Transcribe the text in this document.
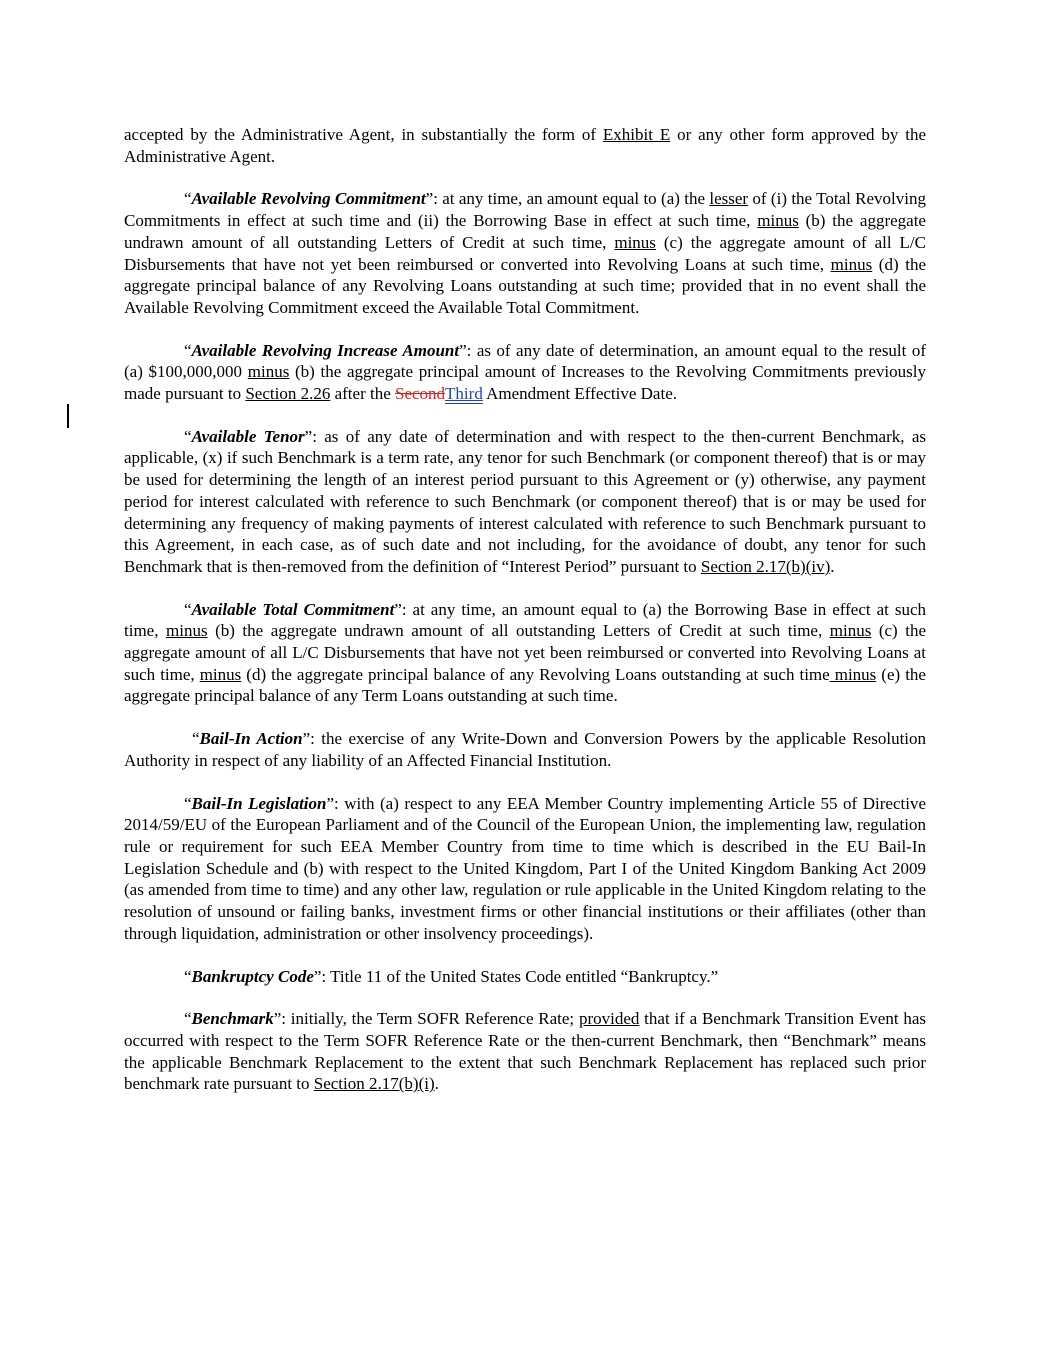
accepted by the Administrative Agent, in substantially the form of Exhibit E or any other form approved by the Administrative Agent.

“Available Revolving Commitment”: at any time, an amount equal to (a) the lesser of (i) the Total Revolving Commitments in effect at such time and (ii) the Borrowing Base in effect at such time, minus (b) the aggregate undrawn amount of all outstanding Letters of Credit at such time, minus (c) the aggregate amount of all L/C Disbursements that have not yet been reimbursed or converted into Revolving Loans at such time, minus (d) the aggregate principal balance of any Revolving Loans outstanding at such time; provided that in no event shall the Available Revolving Commitment exceed the Available Total Commitment.

“Available Revolving Increase Amount”: as of any date of determination, an amount equal to the result of (a) $100,000,000 minus (b) the aggregate principal amount of Increases to the Revolving Commitments previously made pursuant to Section 2.26 after the SecondThird Amendment Effective Date.

“Available Tenor”: as of any date of determination and with respect to the then-current Benchmark, as applicable, (x) if such Benchmark is a term rate, any tenor for such Benchmark (or component thereof) that is or may be used for determining the length of an interest period pursuant to this Agreement or (y) otherwise, any payment period for interest calculated with reference to such Benchmark (or component thereof) that is or may be used for determining any frequency of making payments of interest calculated with reference to such Benchmark pursuant to this Agreement, in each case, as of such date and not including, for the avoidance of doubt, any tenor for such Benchmark that is then-removed from the definition of “Interest Period” pursuant to Section 2.17(b)(iv).

“Available Total Commitment”: at any time, an amount equal to (a) the Borrowing Base in effect at such time, minus (b) the aggregate undrawn amount of all outstanding Letters of Credit at such time, minus (c) the aggregate amount of all L/C Disbursements that have not yet been reimbursed or converted into Revolving Loans at such time, minus (d) the aggregate principal balance of any Revolving Loans outstanding at such time minus (e) the aggregate principal balance of any Term Loans outstanding at such time.

“Bail-In Action”: the exercise of any Write-Down and Conversion Powers by the applicable Resolution Authority in respect of any liability of an Affected Financial Institution.

“Bail-In Legislation”: with (a) respect to any EEA Member Country implementing Article 55 of Directive 2014/59/EU of the European Parliament and of the Council of the European Union, the implementing law, regulation rule or requirement for such EEA Member Country from time to time which is described in the EU Bail-In Legislation Schedule and (b) with respect to the United Kingdom, Part I of the United Kingdom Banking Act 2009 (as amended from time to time) and any other law, regulation or rule applicable in the United Kingdom relating to the resolution of unsound or failing banks, investment firms or other financial institutions or their affiliates (other than through liquidation, administration or other insolvency proceedings).

“Bankruptcy Code”: Title 11 of the United States Code entitled “Bankruptcy.”

“Benchmark”: initially, the Term SOFR Reference Rate; provided that if a Benchmark Transition Event has occurred with respect to the Term SOFR Reference Rate or the then-current Benchmark, then “Benchmark” means the applicable Benchmark Replacement to the extent that such Benchmark Replacement has replaced such prior benchmark rate pursuant to Section 2.17(b)(i).
